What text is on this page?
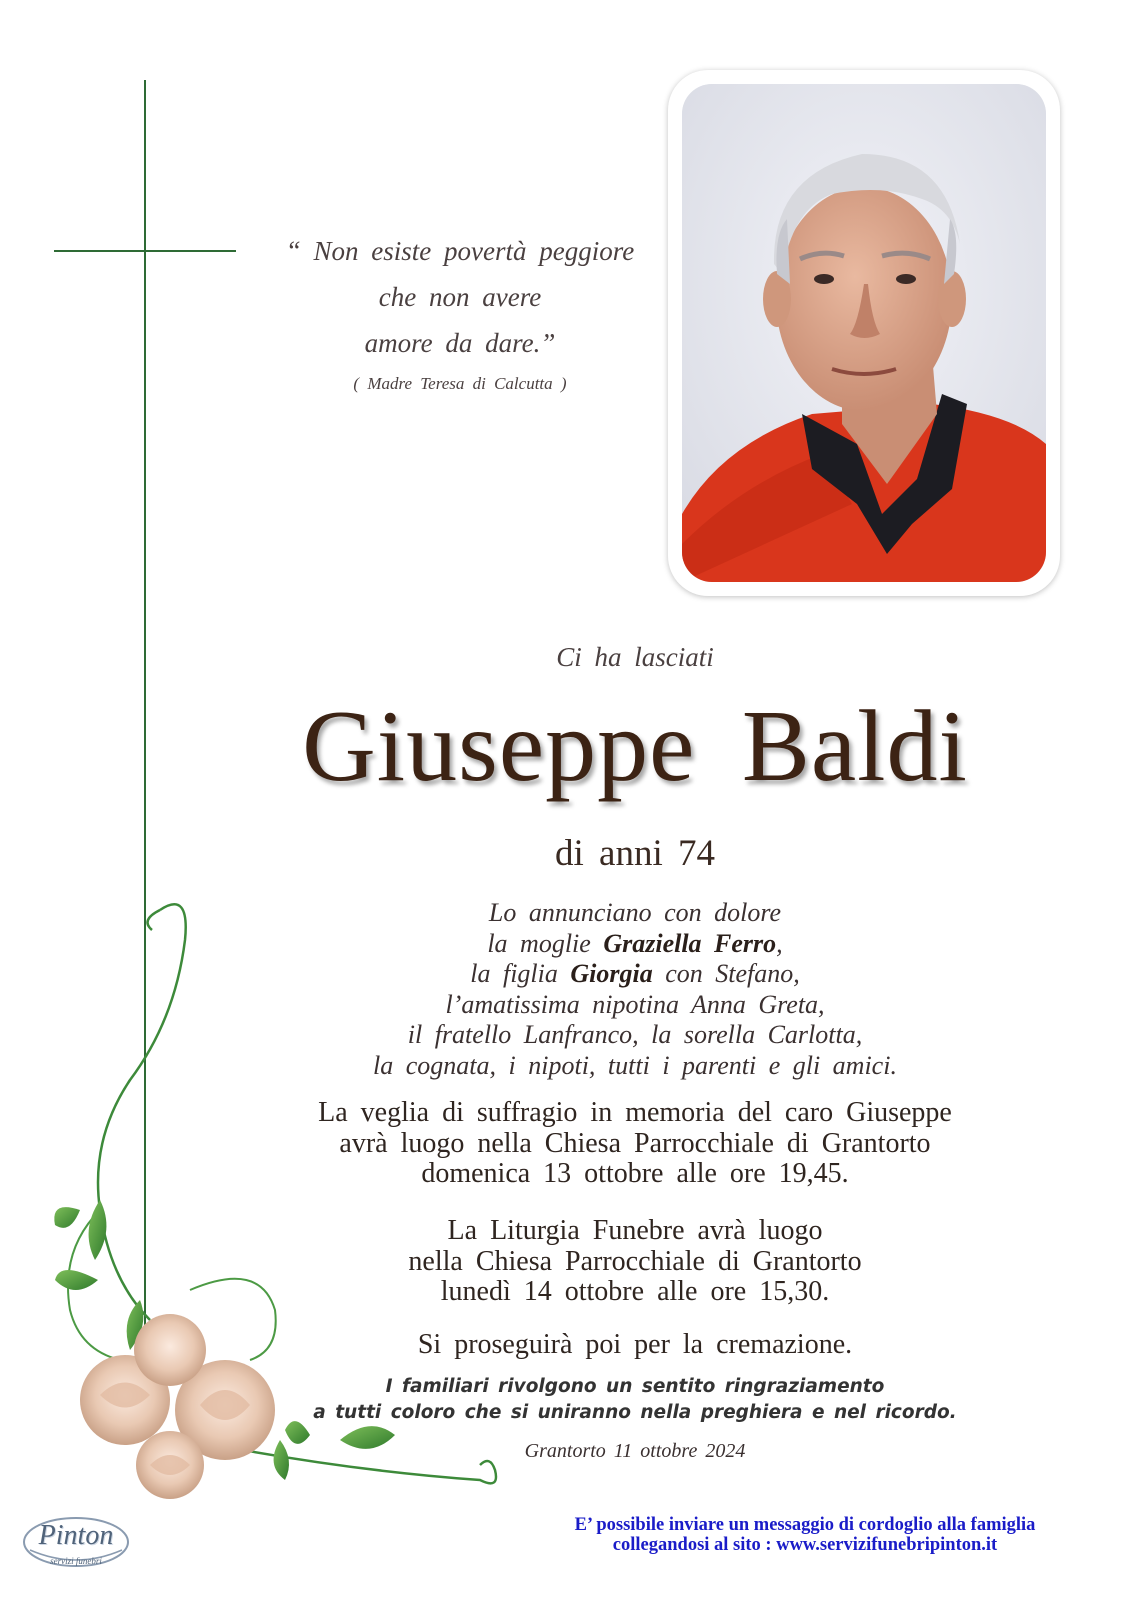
“ Non esiste povertà peggiore
che non avere
amore da dare.”
( Madre Teresa di Calcutta )
Ci ha lasciati
Giuseppe Baldi
di anni 74
Lo annunciano con dolore
la moglie Graziella Ferro,
la figlia Giorgia con Stefano,
l’amatissima nipotina Anna Greta,
il fratello Lanfranco, la sorella Carlotta,
la cognata, i nipoti, tutti i parenti e gli amici.
La veglia di suffragio in memoria del caro Giuseppe
avrà luogo nella Chiesa Parrocchiale di Grantorto
domenica 13 ottobre alle ore 19,45.
La Liturgia Funebre avrà luogo
nella Chiesa Parrocchiale di Grantorto
lunedì 14 ottobre alle ore 15,30.
Si proseguirà poi per la cremazione.
I familiari rivolgono un sentito ringraziamento
a tutti coloro che si uniranno nella preghiera e nel ricordo.
Grantorto 11 ottobre 2024
E’ possibile inviare un messaggio di cordoglio alla famiglia
collegandosi al sito : www.servizifunebripinton.it
Pinton
servizi funebri
